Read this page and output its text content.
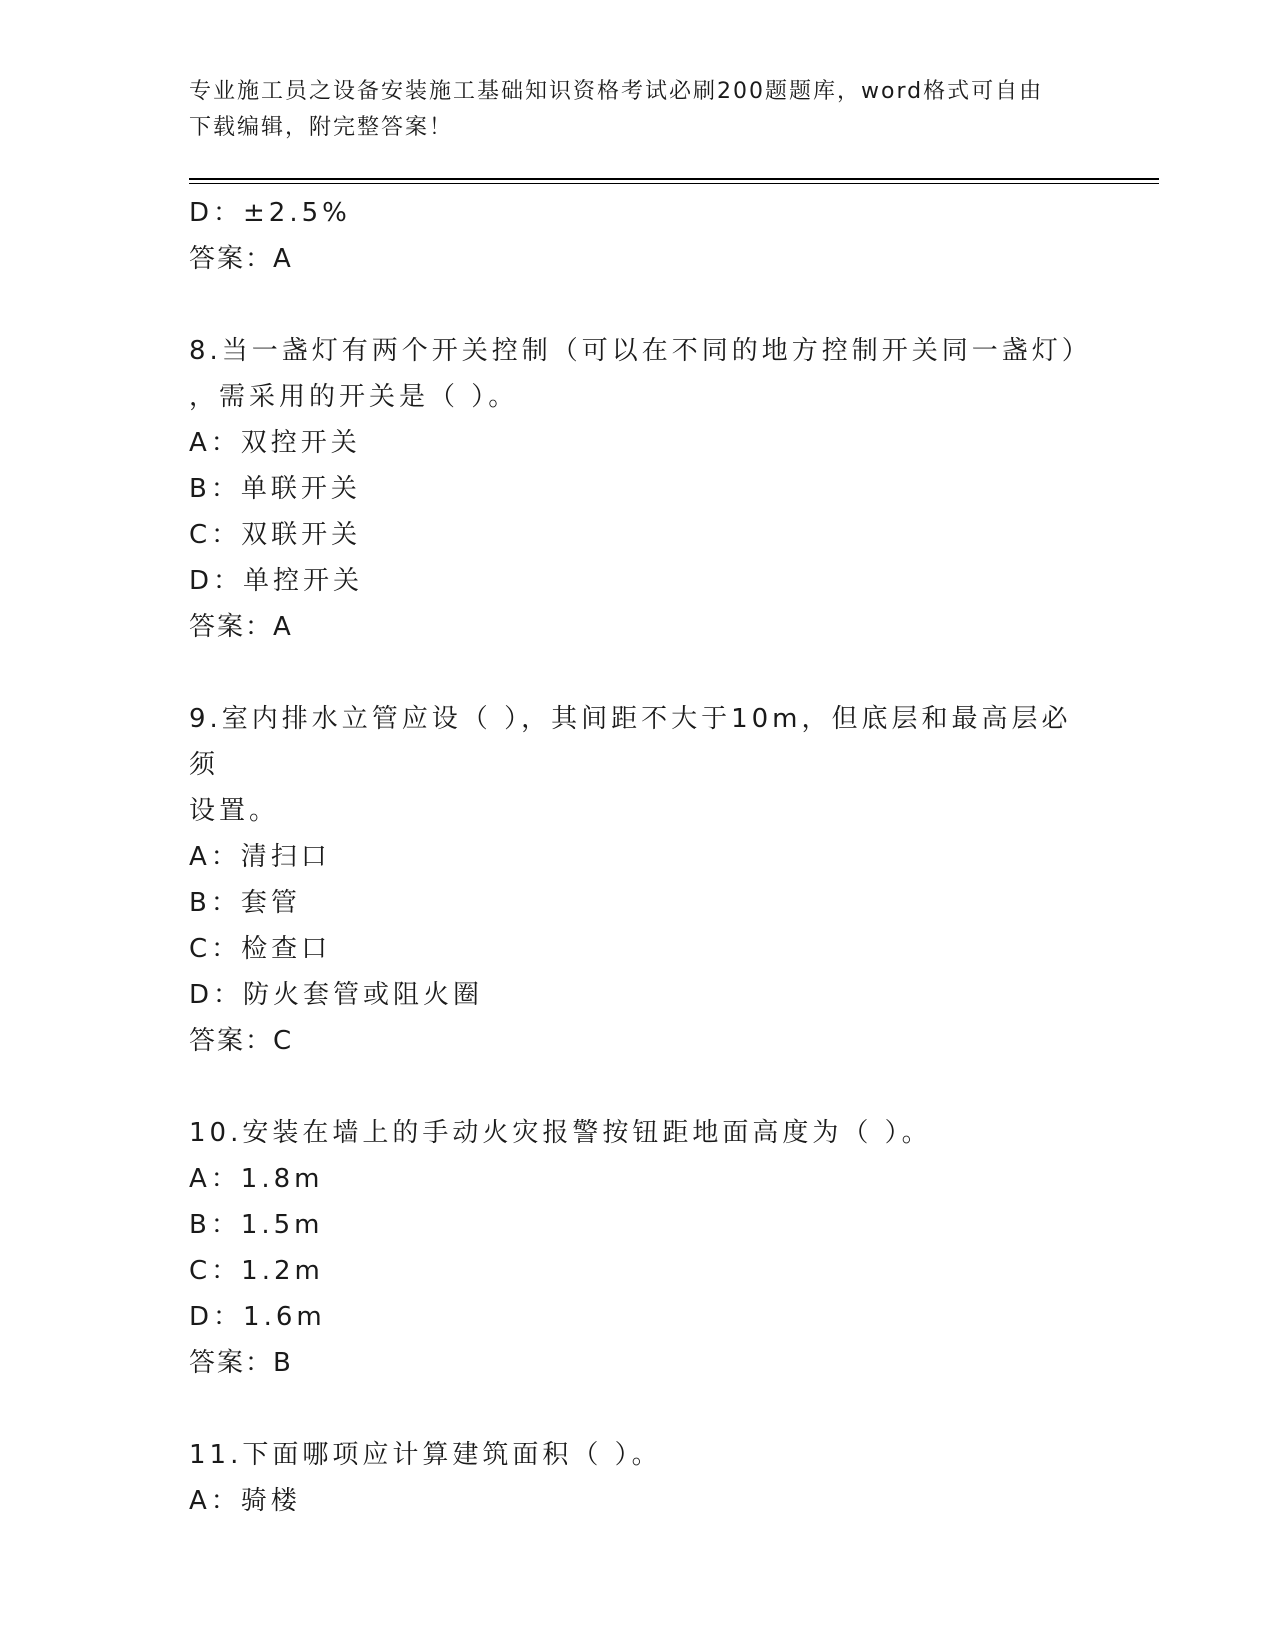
专业施工员之设备安装施工基础知识资格考试必刷200题题库，word格式可自由
下载编辑，附完整答案！
D：±2.5%
答案：A
8.当一盏灯有两个开关控制（可以在不同的地方控制开关同一盏灯）
，需采用的开关是（ ）。
A：双控开关
B：单联开关
C：双联开关
D：单控开关
答案：A
9.室内排水立管应设（ ），其间距不大于10m，但底层和最高层必须
设置。
A：清扫口
B：套管
C：检查口
D：防火套管或阻火圈
答案：C
10.安装在墙上的手动火灾报警按钮距地面高度为（ ）。
A：1.8m
B：1.5m
C：1.2m
D：1.6m
答案：B
11.下面哪项应计算建筑面积（ ）。
A：骑楼
